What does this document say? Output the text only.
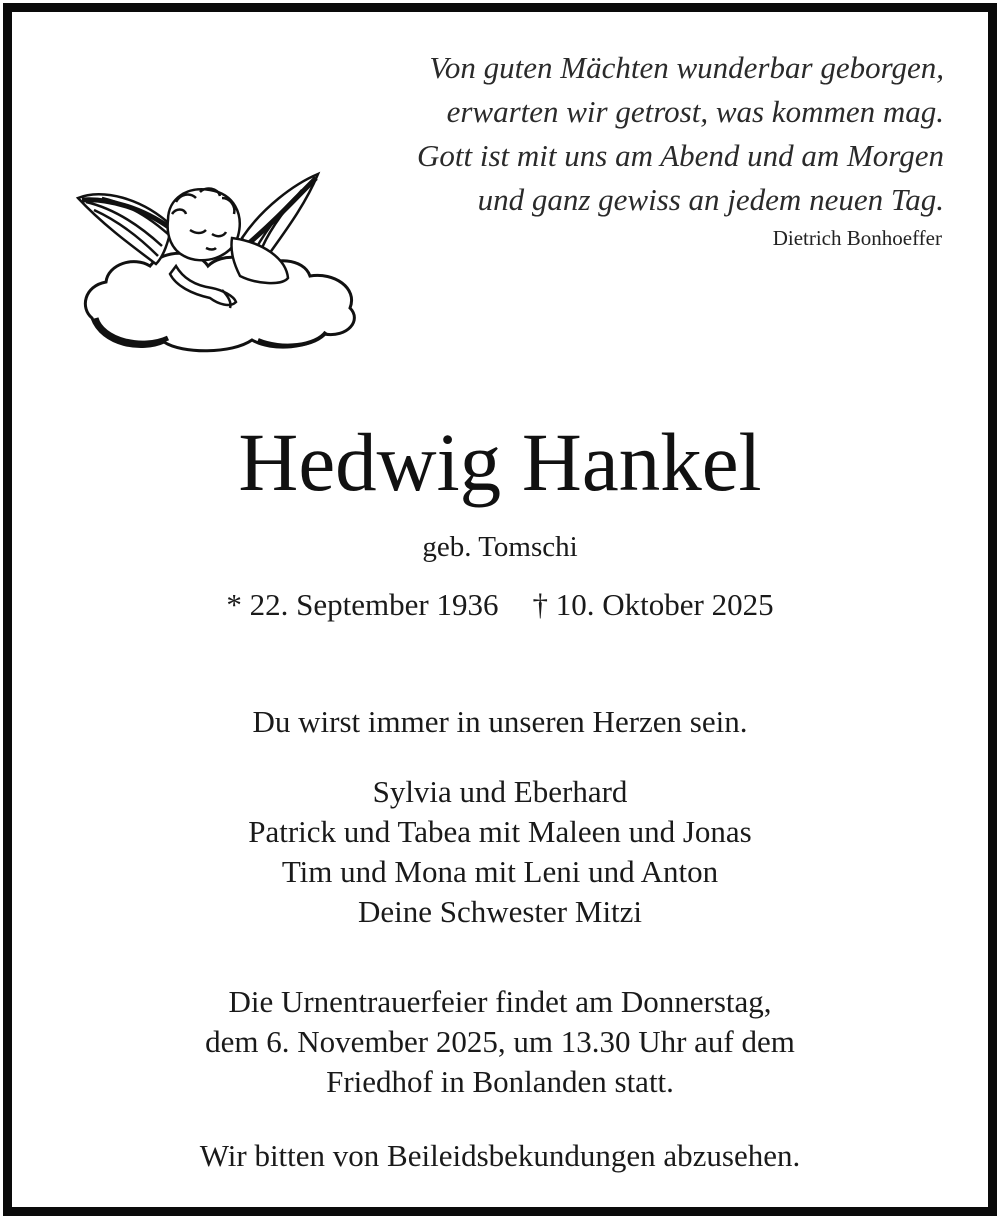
Von guten Mächten wunderbar geborgen,
erwarten wir getrost, was kommen mag.
Gott ist mit uns am Abend und am Morgen
und ganz gewiss an jedem neuen Tag.
Dietrich Bonhoeffer
Hedwig Hankel
geb. Tomschi
* 22. September 1936 † 10. Oktober 2025
Du wirst immer in unseren Herzen sein.
Sylvia und Eberhard
Patrick und Tabea mit Maleen und Jonas
Tim und Mona mit Leni und Anton
Deine Schwester Mitzi
Die Urnentrauerfeier findet am Donnerstag,
dem 6. November 2025, um 13.30 Uhr auf dem
Friedhof in Bonlanden statt.
Wir bitten von Beileidsbekundungen abzusehen.
